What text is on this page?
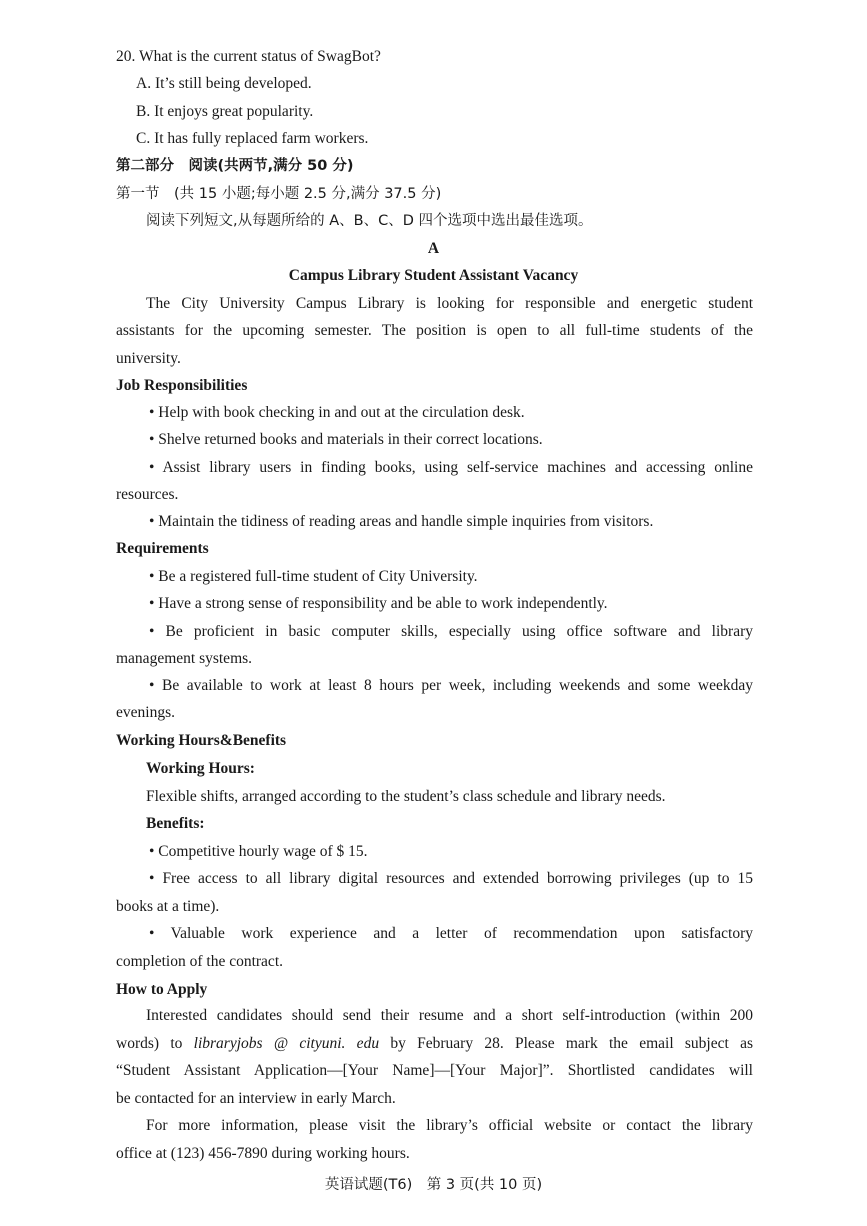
20. What is the current status of SwagBot?
A. It’s still being developed.
B. It enjoys great popularity.
C. It has fully replaced farm workers.
第二部分　阅读(共两节,满分 50 分)
第一节　(共 15 小题;每小题 2.5 分,满分 37.5 分)
阅读下列短文,从每题所给的 A、B、C、D 四个选项中选出最佳选项。
A
Campus Library Student Assistant Vacancy
The City University Campus Library is looking for responsible and energetic student
assistants for the upcoming semester. The position is open to all full-time students of the
university.
Job Responsibilities
• Help with book checking in and out at the circulation desk.
• Shelve returned books and materials in their correct locations.
• Assist library users in finding books, using self-service machines and accessing online
resources.
• Maintain the tidiness of reading areas and handle simple inquiries from visitors.
Requirements
• Be a registered full-time student of City University.
• Have a strong sense of responsibility and be able to work independently.
• Be proficient in basic computer skills, especially using office software and library
management systems.
• Be available to work at least 8 hours per week, including weekends and some weekday
evenings.
Working Hours&Benefits
Working Hours:
Flexible shifts, arranged according to the student’s class schedule and library needs.
Benefits:
• Competitive hourly wage of $ 15.
• Free access to all library digital resources and extended borrowing privileges (up to 15
books at a time).
• Valuable work experience and a letter of recommendation upon satisfactory
completion of the contract.
How to Apply
Interested candidates should send their resume and a short self-introduction (within 200
words) to libraryjobs @ cityuni. edu by February 28. Please mark the email subject as
“Student Assistant Application—[Your Name]—[Your Major]”. Shortlisted candidates will
be contacted for an interview in early March.
For more information, please visit the library’s official website or contact the library
office at (123) 456-7890 during working hours.
英语试题(T6)　第 3 页(共 10 页)
